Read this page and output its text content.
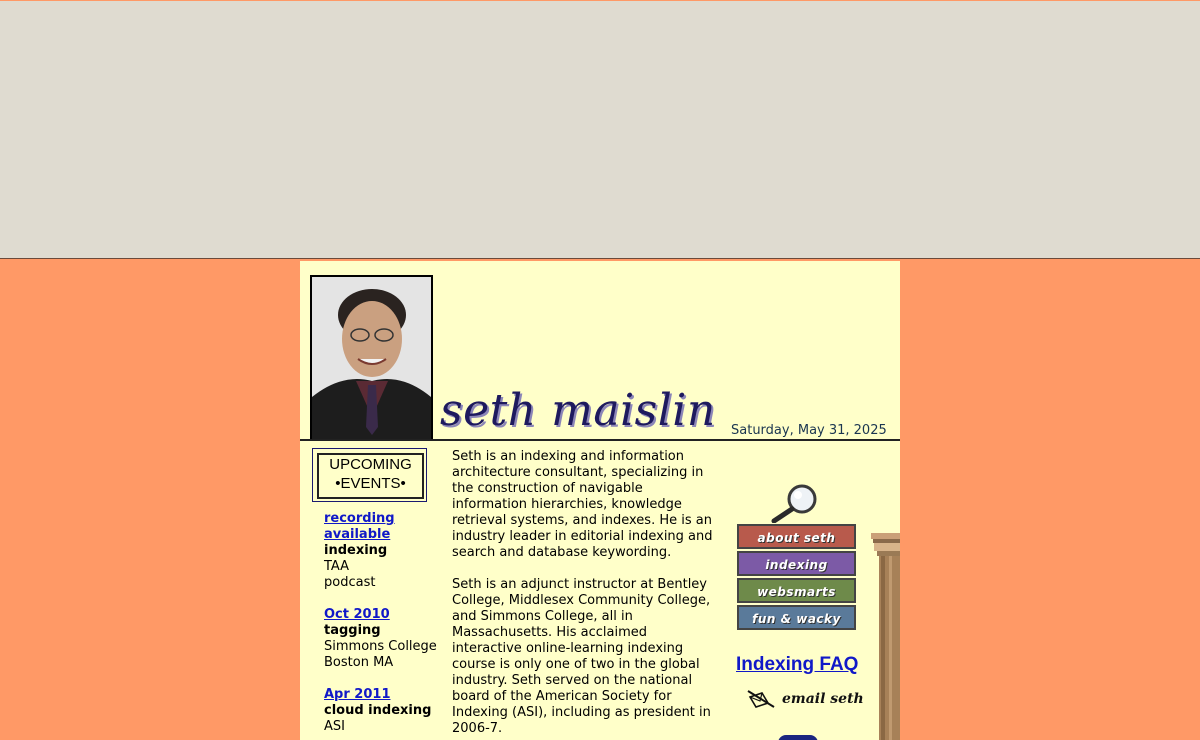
seth maislin Saturday, May 31, 2025
UPCOMING
•EVENTS•
recording available
indexing
TAA
podcast
Oct 2010
tagging
Simmons College
Boston MA
Apr 2011
cloud indexing
ASI

Seth is an indexing and information architecture consultant, specializing in the construction of navigable information hierarchies, knowledge retrieval systems, and indexes. He is an industry leader in editorial indexing and search and database keywording.

Seth is an adjunct instructor at Bentley College, Middlesex Community College, and Simmons College, all in Massachusetts. His acclaimed interactive online-learning indexing course is only one of two in the global industry. Seth served on the national board of the American Society for Indexing (ASI), including as president in 2006-7.

about seth
indexing
websmarts
fun & wacky
Indexing FAQ
email seth
